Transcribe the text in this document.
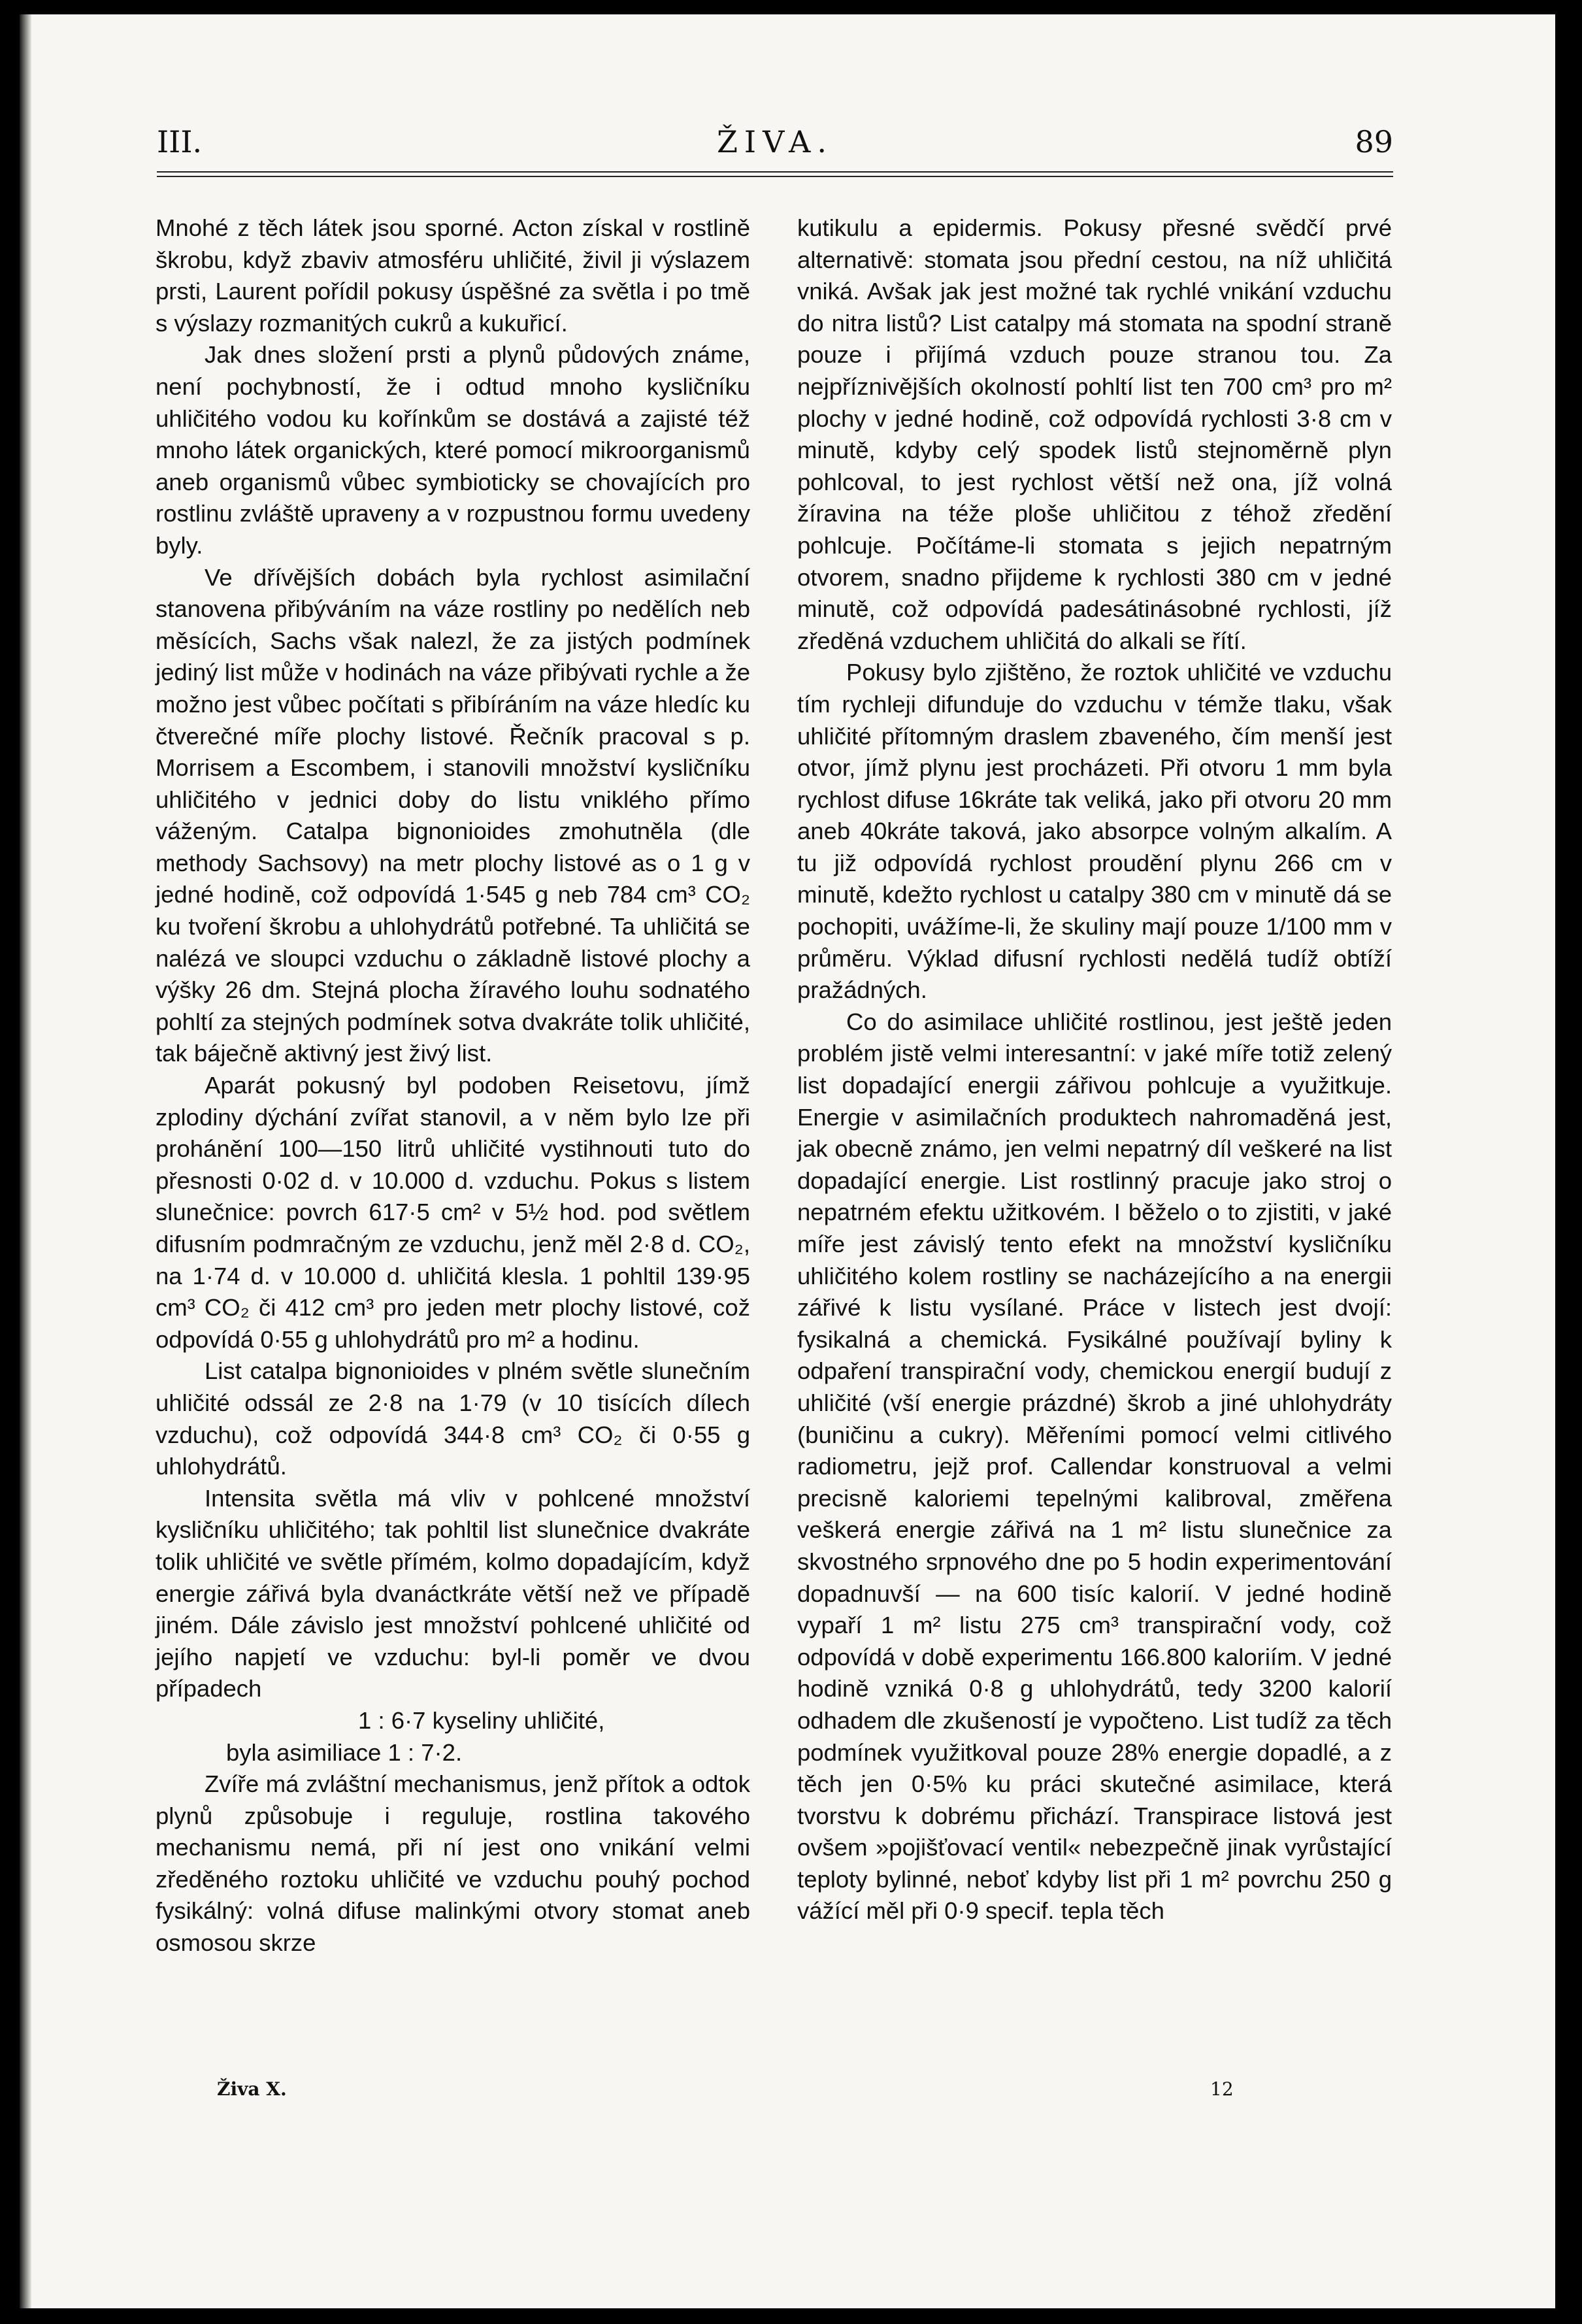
III.	ŽIVA.	89

Mnohé z těch látek jsou sporné. Acton získal v rostlině škrobu, když zbaviv atmosféru uhličité, živil ji výslazem prsti, Laurent pořídil pokusy úspěšné za světla i po tmě s výslazy rozmanitých cukrů a kukuřicí.

Jak dnes složení prsti a plynů půdových známe, není pochybností, že i odtud mnoho kysličníku uhličitého vodou ku kořínkům se dostává a zajisté též mnoho látek organických, které pomocí mikroorganismů aneb organismů vůbec symbioticky se chovajících pro rostlinu zvláště upraveny a v rozpustnou formu uvedeny byly.

Ve dřívějších dobách byla rychlost asimilační stanovena přibýváním na váze rostliny po nedělích neb měsících, Sachs však nalezl, že za jistých podmínek jediný list může v hodinách na váze přibývati rychle a že možno jest vůbec počítati s přibíráním na váze hledíc ku čtverečné míře plochy listové. Řečník pracoval s p. Morrisem a Escombem, i stanovili množství kysličníku uhličitého v jednici doby do listu vniklého přímo váženým. Catalpa bignonioides zmohutněla (dle methody Sachsovy) na metr plochy listové as o 1 g v jedné hodině, což odpovídá 1·545 g neb 784 cm³ CO₂ ku tvoření škrobu a uhlohydrátů potřebné. Ta uhličitá se nalézá ve sloupci vzduchu o základně listové plochy a výšky 26 dm. Stejná plocha žíravého louhu sodnatého pohltí za stejných podmínek sotva dvakráte tolik uhličité, tak báječně aktivný jest živý list.

Aparát pokusný byl podoben Reisetovu, jímž zplodiny dýchání zvířat stanovil, a v něm bylo lze při prohánění 100—150 litrů uhličité vystihnouti tuto do přesnosti 0·02 d. v 10.000 d. vzduchu. Pokus s listem slunečnice: povrch 617·5 cm² v 5½ hod. pod světlem difusním podmračným ze vzduchu, jenž měl 2·8 d. CO₂, na 1·74 d. v 10.000 d. uhličitá klesla. 1 pohltil 139·95 cm³ CO₂ či 412 cm³ pro jeden metr plochy listové, což odpovídá 0·55 g uhlohydrátů pro m² a hodinu.

List catalpa bignonioides v plném světle slunečním uhličité odssál ze 2·8 na 1·79 (v 10 tisících dílech vzduchu), což odpovídá 344·8 cm³ CO₂ či 0·55 g uhlohydrátů.

Intensita světla má vliv v pohlcené množství kysličníku uhličitého; tak pohltil list slunečnice dvakráte tolik uhličité ve světle přímém, kolmo dopadajícím, když energie zářivá byla dvanáctkráte větší než ve případě jiném. Dále závislo jest množství pohlcené uhličité od jejího napjetí ve vzduchu: byl-li poměr ve dvou případech

1 : 6·7 kyseliny uhličité,
byla asimiliace 1 : 7·2.

Zvíře má zvláštní mechanismus, jenž přítok a odtok plynů způsobuje i reguluje, rostlina takového mechanismu nemá, při ní jest ono vnikání velmi zředěného roztoku uhličité ve vzduchu pouhý pochod fysikálný: volná difuse malinkými otvory stomat aneb osmosou skrze

kutikulu a epidermis. Pokusy přesné svědčí prvé alternativě: stomata jsou přední cestou, na níž uhličitá vniká. Avšak jak jest možné tak rychlé vnikání vzduchu do nitra listů? List catalpy má stomata na spodní straně pouze i přijímá vzduch pouze stranou tou. Za nejpříznivějších okolností pohltí list ten 700 cm³ pro m² plochy v jedné hodině, což odpovídá rychlosti 3·8 cm v minutě, kdyby celý spodek listů stejnoměrně plyn pohlcoval, to jest rychlost větší než ona, jíž volná žíravina na téže ploše uhličitou z téhož zředění pohlcuje. Počítáme-li stomata s jejich nepatrným otvorem, snadno přijdeme k rychlosti 380 cm v jedné minutě, což odpovídá padesátinásobné rychlosti, jíž zředěná vzduchem uhličitá do alkali se řítí.

Pokusy bylo zjištěno, že roztok uhličité ve vzduchu tím rychleji difunduje do vzduchu v témže tlaku, však uhličité přítomným draslem zbaveného, čím menší jest otvor, jímž plynu jest procházeti. Při otvoru 1 mm byla rychlost difuse 16kráte tak veliká, jako při otvoru 20 mm aneb 40kráte taková, jako absorpce volným alkalím. A tu již odpovídá rychlost proudění plynu 266 cm v minutě, kdežto rychlost u catalpy 380 cm v minutě dá se pochopiti, uvážíme-li, že skuliny mají pouze 1/100 mm v průměru. Výklad difusní rychlosti nedělá tudíž obtíží pražádných.

Co do asimilace uhličité rostlinou, jest ještě jeden problém jistě velmi interesantní: v jaké míře totiž zelený list dopadající energii zářivou pohlcuje a využitkuje. Energie v asimilačních produktech nahromaděná jest, jak obecně známo, jen velmi nepatrný díl veškeré na list dopadající energie. List rostlinný pracuje jako stroj o nepatrném efektu užitkovém. I běželo o to zjistiti, v jaké míře jest závislý tento efekt na množství kysličníku uhličitého kolem rostliny se nacházejícího a na energii zářivé k listu vysílané. Práce v listech jest dvojí: fysikalná a chemická. Fysikálné používají byliny k odpaření transpirační vody, chemickou energií budují z uhličité (vší energie prázdné) škrob a jiné uhlohydráty (buničinu a cukry). Měřeními pomocí velmi citlivého radiometru, jejž prof. Callendar konstruoval a velmi precisně kaloriemi tepelnými kalibroval, změřena veškerá energie zářivá na 1 m² listu slunečnice za skvostného srpnového dne po 5 hodin experimentování dopadnuvší — na 600 tisíc kalorií. V jedné hodině vypaří 1 m² listu 275 cm³ transpirační vody, což odpovídá v době experimentu 166.800 kaloriím. V jedné hodině vzniká 0·8 g uhlohydrátů, tedy 3200 kalorií odhadem dle zkušeností je vypočteno. List tudíž za těch podmínek využitkoval pouze 28% energie dopadlé, a z těch jen 0·5% ku práci skutečné asimilace, která tvorstvu k dobrému přichází. Transpirace listová jest ovšem »pojišťovací ventil« nebezpečně jinak vyrůstající teploty bylinné, neboť kdyby list při 1 m² povrchu 250 g vážící měl při 0·9 specif. tepla těch

Živa X.	12
